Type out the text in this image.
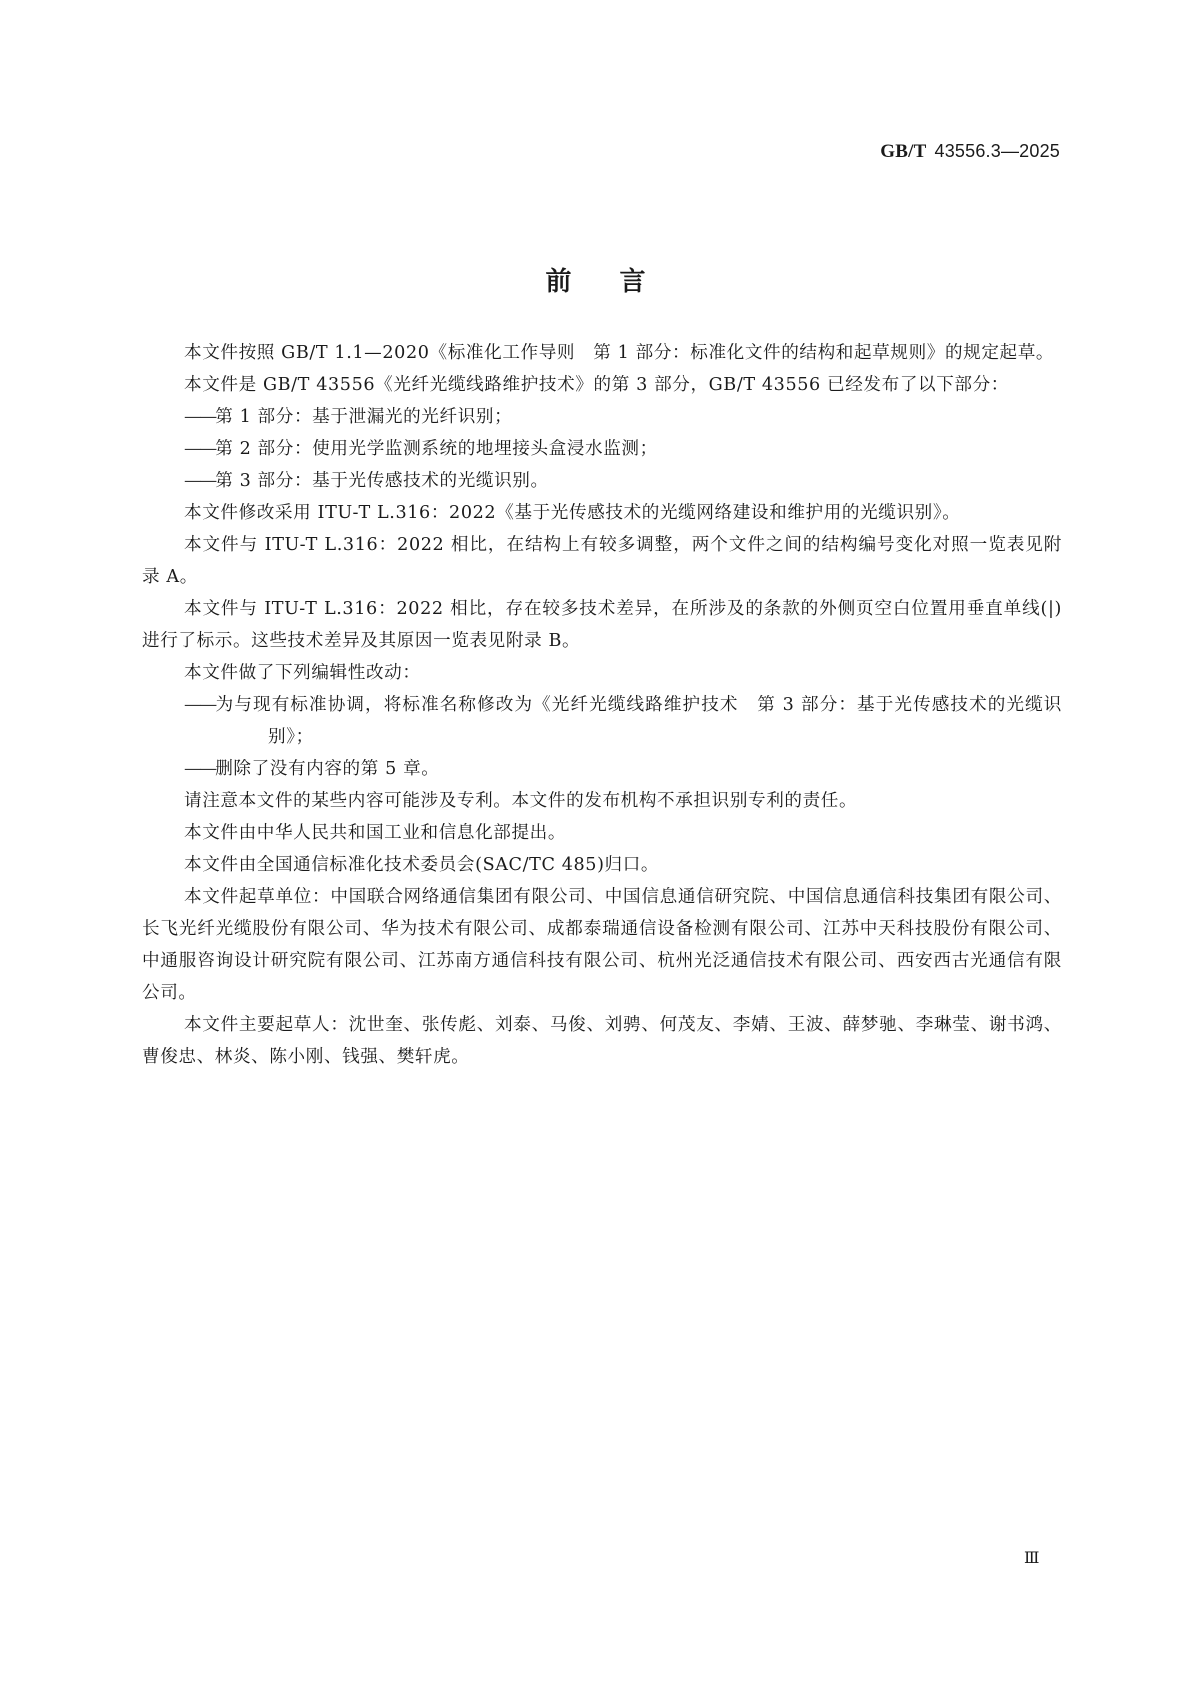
GB/T 43556.3—2025
前言

本文件按照 GB/T 1.1—2020《标准化工作导则　第 1 部分：标准化文件的结构和起草规则》的规定起草。

本文件是 GB/T 43556《光纤光缆线路维护技术》的第 3 部分，GB/T 43556 已经发布了以下部分：

——第 1 部分：基于泄漏光的光纤识别；

——第 2 部分：使用光学监测系统的地埋接头盒浸水监测；

——第 3 部分：基于光传感技术的光缆识别。

本文件修改采用 ITU-T L.316：2022《基于光传感技术的光缆网络建设和维护用的光缆识别》。

本文件与 ITU-T L.316：2022 相比，在结构上有较多调整，两个文件之间的结构编号变化对照一览表见附录 A。

本文件与 ITU-T L.316：2022 相比，存在较多技术差异，在所涉及的条款的外侧页空白位置用垂直单线(|)进行了标示。这些技术差异及其原因一览表见附录 B。

本文件做了下列编辑性改动：

——为与现有标准协调，将标准名称修改为《光纤光缆线路维护技术　第 3 部分：基于光传感技术的光缆识别》；

——删除了没有内容的第 5 章。

请注意本文件的某些内容可能涉及专利。本文件的发布机构不承担识别专利的责任。

本文件由中华人民共和国工业和信息化部提出。

本文件由全国通信标准化技术委员会(SAC/TC 485)归口。

本文件起草单位：中国联合网络通信集团有限公司、中国信息通信研究院、中国信息通信科技集团有限公司、长飞光纤光缆股份有限公司、华为技术有限公司、成都泰瑞通信设备检测有限公司、江苏中天科技股份有限公司、中通服咨询设计研究院有限公司、江苏南方通信科技有限公司、杭州光泛通信技术有限公司、西安西古光通信有限公司。

本文件主要起草人：沈世奎、张传彪、刘泰、马俊、刘骋、何茂友、李婧、王波、薛梦驰、李琳莹、谢书鸿、曹俊忠、林炎、陈小刚、钱强、樊轩虎。

Ⅲ
